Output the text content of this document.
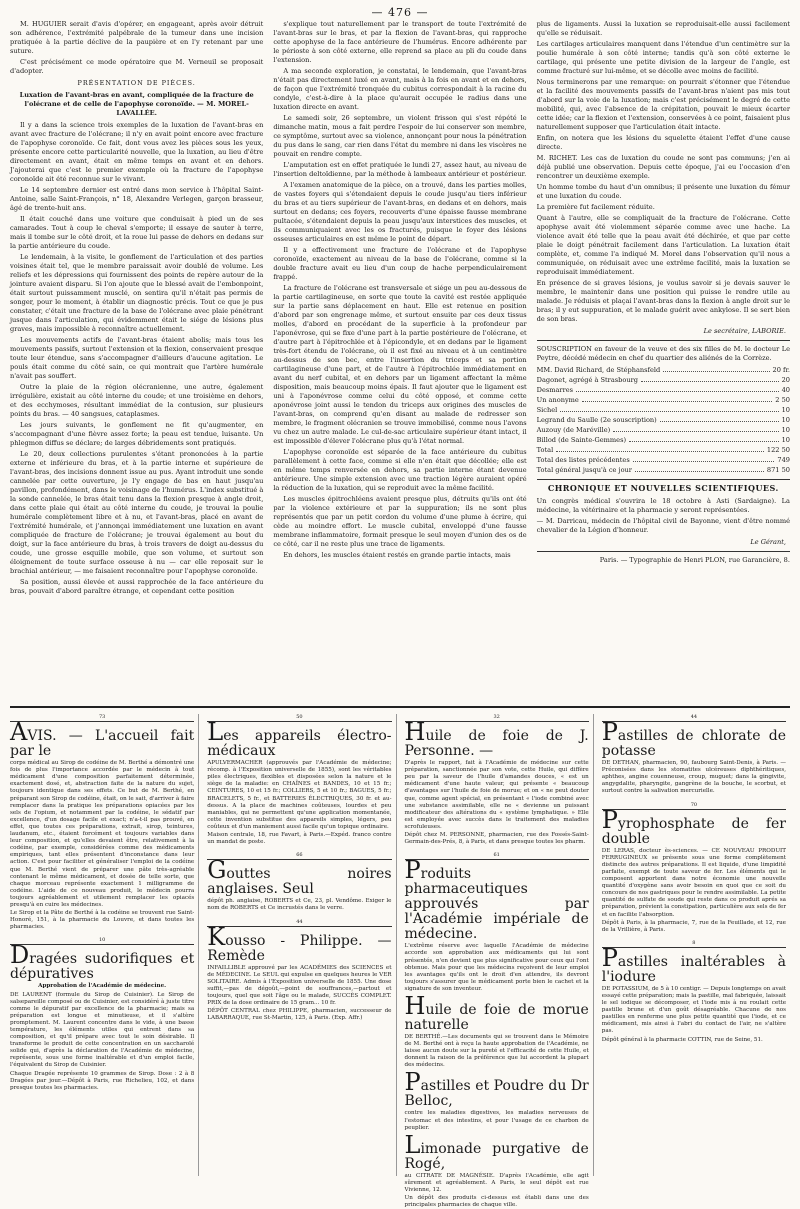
— 476 —

M. HUGUIER serait d'avis d'opérer, en engageant, après avoir détruit son adhérence, l'extrémité palpébrale de la tumeur dans une incision pratiquée à la partie déclive de la paupière et en l'y retenant par une suture.

C'est précisément ce mode opératoire que M. Verneuil se proposait d'adopter.

PRÉSENTATION DE PIÈCES.
Luxation de l'avant-bras en avant, compliquée de la fracture de l'olécrane et de celle de l'apophyse coronoïde. — M. MOREL-LAVALLÉE.

Il y a dans la science trois exemples de la luxation de l'avant-bras en avant avec fracture de l'olécrane; il n'y en avait point encore avec fracture de l'apophyse coronoïde. Ce fait, dont vous avez les pièces sous les yeux, présente encore cette particularité nouvelle, que la luxation, au lieu d'être directement en avant, était en même temps en avant et en dehors. J'ajouterai que c'est le premier exemple où la fracture de l'apophyse coronoïde ait été reconnue sur le vivant.

Le 14 septembre dernier est entré dans mon service à l'hôpital Saint-Antoine, salle Saint-François, n° 18, Alexandre Verlegen, garçon brasseur, âgé de trente-huit ans.

Il était couché dans une voiture que conduisait à pied un de ses camarades. Tout à coup le cheval s'emporte; il essaye de sauter à terre, mais il tombe sur le côté droit, et la roue lui passe de dehors en dedans sur la partie antérieure du coude.

Le lendemain, à la visite, le gonflement de l'articulation et des parties voisines était tel, que le membre paraissait avoir doublé de volume. Les reliefs et les dépressions qui fournissent des points de repère autour de la jointure avaient disparu. Si l'on ajoute que le blessé avait de l'embonpoint, était surtout puissamment musclé, on sentira qu'il n'était pas permis de songer, pour le moment, à établir un diagnostic précis. Tout ce que je pus constater, c'était une fracture de la base de l'olécrane avec plaie pénétrant jusque dans l'articulation, qui évidemment était le siége de lésions plus graves, mais impossible à reconnaître actuellement.

Les mouvements actifs de l'avant-bras étaient abolis; mais tous les mouvements passifs, surtout l'extension et la flexion, conservaient presque toute leur étendue, sans s'accompagner d'ailleurs d'aucune agitation. Le pouls était comme du côté sain, ce qui montrait que l'artère humérale n'avait pas souffert.

Outre la plaie de la région olécranienne, une autre, également irrégulière, existait au côté interne du coude; et une troisième en dehors, et des ecchymoses, résultant immédiat de la contusion, sur plusieurs points du bras. — 40 sangsues, cataplasmes.

Les jours suivants, le gonflement ne fit qu'augmenter, en s'accompagnant d'une fièvre assez forte; la peau est tendue, luisante. Un phlegmon diffus se déclare; de larges débridements sont pratiqués.

Le 20, deux collections purulentes s'étant prononcées à la partie externe et inférieure du bras, et à la partie interne et supérieure de l'avant-bras, des incisions donnent issue au pus. Ayant introduit une sonde cannelée par cette ouverture, je l'y engage de bas en haut jusqu'au pavillon, profondément, dans le voisinage de l'humérus. L'index substitué à la sonde cannelée, le bras était tenu dans la flexion presque à angle droit, dans cette plaie qui était au côté interne du coude, je trouvai la poulie humérale complètement libre et à nu, et l'avant-bras, placé en avant de l'extrémité humérale, et j'annonçai immédiatement une luxation en avant compliquée de fracture de l'olécrane; je trouvai également au bout du doigt, sur la face antérieure du bras, à trois travers de doigt au-dessus du coude, une grosse esquille mobile, que son volume, et surtout son éloignement de toute surface osseuse à nu — car elle reposait sur le brachial antérieur, — me faisaient reconnaître pour l'apophyse coronoïde.

Sa position, aussi élevée et aussi rapprochée de la face antérieure du bras, pouvait d'abord paraître étrange, et cependant cette position

s'explique tout naturellement par le transport de toute l'extrémité de l'avant-bras sur le bras, et par la flexion de l'avant-bras, qui rapproche cette apophyse de la face antérieure de l'humérus. Encore adhérente par le périoste à son côté externe, elle reprend sa place au pli du coude dans l'extension.

A ma seconde exploration, je constatai, le lendemain, que l'avant-bras n'était pas directement luxé en avant, mais à la fois en avant et en dehors, de façon que l'extrémité tronquée du cubitus correspondait à la racine du condyle, c'est-à-dire à la place qu'aurait occupée le radius dans une luxation directe en avant.

Le samedi soir, 26 septembre, un violent frisson qui s'est répété le dimanche matin, mous a fait perdre l'espoir de lui conserver son membre, ce symptôme, surtout avec sa violence, annonçant pour nous la pénétration du pus dans le sang, car rien dans l'état du membre ni dans les viscères ne pouvait en rendre compte.

L'amputation est en effet pratiquée le lundi 27, assez haut, au niveau de l'insertion deltoïdienne, par la méthode à lambeaux antérieur et postérieur.

A l'examen anatomique de la pièce, on a trouvé, dans les parties molles, de vastes foyers qui s'étendaient depuis le coude jusqu'au tiers inférieur du bras et au tiers supérieur de l'avant-bras, en dedans et en dehors, mais surtout en dedans; ces foyers, recouverts d'une épaisse fausse membrane pultacée, s'étendaient depuis la peau jusqu'aux interstices des muscles, et ils communiquaient avec les os fracturés, puisque le foyer des lésions osseuses articulaires en est même le point de départ.

Il y a effectivement une fracture de l'olécrane et de l'apophyse coronoïde, exactement au niveau de la base de l'olécrane, comme si la double fracture avait eu lieu d'un coup de hache perpendiculairement frappé.

La fracture de l'olécrane est transversale et siége un peu au-dessous de la partie cartilagineuse, en sorte que toute la cavité est restée appliquée sur la partie sans déplacement en haut. Elle est retenue en position d'abord par son engrenage même, et surtout ensuite par ces deux tissus molles, d'abord en procédant de la superficie à la profondeur par l'aponévrose, qui se fixe d'une part à la partie postérieure de l'olécrane, et d'autre part à l'épitrochlée et à l'épicondyle, et en dedans par le ligament très-fort étendu de l'olécrane, où il est fixé au niveau et à un centimètre au-dessus de son bec, entre l'insertion du triceps et sa portion cartilagineuse d'une part, et de l'autre à l'épitrochlée immédiatement en avant du nerf cubital, et en dehors par un ligament affectant la même disposition, mais beaucoup moins épais. Il faut ajouter que le ligament est uni à l'aponévrose comme celui du côté opposé, et comme cette aponévrose joint aussi le tendon du triceps aux origines des muscles de l'avant-bras, on comprend qu'en disant au malade de redresser son membre, le fragment olécranien se trouve immobilisé, comme nous l'avons vu chez un autre malade. Le cul-de-sac articulaire supérieur étant intact, il est impossible d'élever l'olécrane plus qu'à l'état normal.

L'apophyse coronoïde est séparée de la face antérieure du cubitus parallèlement à cette face, comme si elle n'en était que décollée; elle est en même temps renversée en dehors, sa partie interne étant devenue antérieure. Une simple extension avec une traction légère auraient opéré la réduction de la luxation, qui se reproduit avec la même facilité.

Les muscles épitrochléens avaient presque plus, détruits qu'ils ont été par la violence extérieure et par la suppuration; ils ne sont plus représentés que par un petit cordon du volume d'une plume à écrire, qui cède au moindre effort. Le muscle cubital, enveloppé d'une fausse membrane inflammatoire, formait presque le seul moyen d'union des os de ce côté, car il ne reste plus une trace de ligaments.

En dehors, les muscles étaient restés en grande partie intacts, mais

plus de ligaments. Aussi la luxation se reproduisait-elle aussi facilement qu'elle se réduisait.

Les cartilages articulaires manquent dans l'étendue d'un centimètre sur la poulie humérale à son côté interne; tandis qu'à son côté externe le cartilage, qui présente une petite division de la largeur de l'angle, est comme fracturé sur lui-même, et se décolle avec moins de facilité.

Nous terminerons par une remarque: on pourrait s'étonner que l'étendue et la facilité des mouvements passifs de l'avant-bras n'aient pas mis tout d'abord sur la voie de la luxation; mais c'est précisément le degré de cette mobilité, qui, avec l'absence de la crépitation, pouvait le mieux écarter cette idée; car la flexion et l'extension, conservées à ce point, faisaient plus naturellement supposer que l'articulation était intacte.

Enfin, on notera que les lésions du squelette étaient l'effet d'une cause directe.

M. RICHET. Les cas de luxation du coude ne sont pas communs; j'en ai déjà publié une observation. Depuis cette époque, j'ai eu l'occasion d'en rencontrer un deuxième exemple.

Un homme tombe du haut d'un omnibus; il présente une luxation du fémur et une luxation du coude.

La première fut facilement réduite.

Quant à l'autre, elle se compliquait de la fracture de l'olécrane. Cette apophyse avait été violemment séparée comme avec une hache. La violence avait été telle que la peau avait été déchirée, et que par cette plaie le doigt pénétrait facilement dans l'articulation. La luxation était complète, et, comme l'a indiqué M. Morel dans l'observation qu'il nous a communiquée, on réduisait avec une extrême facilité, mais la luxation se reproduisait immédiatement.

En présence de si graves lésions, je voulus savoir si je devais sauver le membre, le maintenir dans une position qui puisse le rendre utile au malade. Je réduisis et plaçai l'avant-bras dans la flexion à angle droit sur le bras; il y eut suppuration, et le malade guérit avec ankylose. Il se sert bien de son bras.

Le secrétaire, LABORIE.

SOUSCRIPTION en faveur de la veuve et des six filles de M. le docteur Le Peytre, décédé médecin en chef du quartier des aliénés de la Corrèze.

MM. David Richard, de Stéphansfeld	20 fr.
Dagonet, agrégé à Strasbourg	20
Desmarres	40
Un anonyme	2 50
Sichel	10
Legrand du Saulle (2e souscription)	10
Auzouy (de Maréville)	10
Billod (de Sainte-Gemmes)	10
Total	122 50
Total des listes précédentes	749
Total général jusqu'à ce jour	871 50
CHRONIQUE ET NOUVELLES SCIENTIFIQUES.

Un congrès médical s'ouvrira le 18 octobre à Asti (Sardaigne). La médecine, la vétérinaire et la pharmacie y seront représentées.

— M. Darricau, médecin de l'hôpital civil de Bayonne, vient d'être nommé chevalier de la Légion d'honneur.

Le Gérant,
Paris. — Typographie de Henri PLON, rue Garancière, 8.
73
AVIS. — L'accueil fait par le

corps médical au Sirop de codéine de M. Berthé a démontré une fois de plus l'importance accordée par le médecin à tout médicament d'une composition parfaitement déterminée, exactement dosé, et, abstraction faite de la nature du sujet, toujours identique dans ses effets. Ce but de M. Berthé, en préparant son Sirop de codéine, était, on le sait, d'arriver à faire remplacer dans la pratique les préparations opiacées par les sels de l'opium, et notamment par la codéine, le sédatif par excellence, d'un dosage facile et exact; n'a-t-il pas prouvé, en effet, que toutes ces préparations, extrait, sirop, teintures, laudanum, etc., étaient forcément et toujours variables dans leur composition, et qu'elles devaient être, relativement à la codéine, par exemple, considérées comme des médicaments empiriques, tant elles présentent d'inconstance dans leur action. C'est pour faciliter et généraliser l'emploi de la codéine que M. Berthé vient de préparer une pâte très-agréable contenant le même médicament, et dosée de telle sorte, que chaque morceau représente exactement 1 milligramme de codéine. L'aide de ce nouveau produit, le médecin pourra toujours agréablement et utilement remplacer les opiacés presqu'à en cuire les médecines.

Le Sirop et la Pâte de Berthé à la codéine se trouvent rue Saint-Honoré, 151, à la pharmacie du Louvre, et dans toutes les pharmacies.

10
Dragées sudorifiques et dépuratives

Approbation de l'Académie de médecine.

DE LAURENT (formule du Sirop de Cuisinier). Le Sirop de salsepareille composé ou de Cuisinier, est considéré à juste titre comme le dépuratif par excellence de la pharmacie; mais sa préparation est longue et minutieuse, et il s'altère promptement. M. Laurent concentre dans le vide, à une basse température, les éléments utiles qui entrent dans sa composition, et qu'il prépare avec tout le soin désirable. Il transforme le produit de cette concentration en un saccharolé solide qui, d'après la déclaration de l'Académie de médecine, représente, sous une forme inaltérable et d'un emploi facile, l'équivalent du Sirop de Cuisinier.

Chaque Dragée représente 10 grammes de Sirop. Dose : 2 à 8 Dragées par jour.—Dépôt à Paris, rue Richelieu, 102, et dans presque toutes les pharmacies.

50
Les appareils électro-médicaux

APULVERMACHER (approuvés par l'Académie de médecine; récomp. à l'Exposition universelle de 1855), sont les véritables piles électriques, flexibles et disposées selon la nature et le siège de la maladie: en CHAÎNES et BANDES, 10 et 15 fr.; CEINTURES, 10 et 15 fr.; COLLIERS, 5 et 10 fr.; BAGUES, 5 fr.; BRACELETS, 5 fr., et BATTERIES ÉLECTRIQUES, 30 fr. et au-dessus. A la place de machines coûteuses, lourdes et peu maniables, qui ne permettent qu'une application momentanée, cette invention substitue des appareils simples, légers, peu coûteux et d'un maniement aussi facile qu'un topique ordinaire.

Maison centrale, 18, rue Favart, à Paris.—Expéd. franco contre un mandat de poste.

66
Gouttes noires anglaises. Seul

dépôt ph. anglaise, ROBERTS et Ce, 23, pl. Vendôme. Exiger le nom de ROBERTS et Ce incrustés dans le verre.

44
Kousso - Philippe. — Remède

INFAILLIBLE approuvé par les ACADÉMIES des SCIENCES et de MÉDECINE. Le SEUL qui expulse en quelques heures le VER SOLITAIRE. Admis à l'Exposition universelle de 1855. Une dose suffit,—pas de dégoût,—point de souffrances,—partout et toujours, quel que soit l'âge ou le malade, SUCCÈS COMPLET. PRIX de la dose ordinaire de 15 gram... 10 fr.

DÉPÔT CENTRAL chez PHILIPPE, pharmacien, successeur de LABARRAQUE, rue St-Martin, 125, à Paris. (Exp. Affr.)

32
Huile de foie de J. Personne. —

D'après le rapport, fait à l'Académie de médecine sur cette préparation, sanctionnée par son vote, cette Huile, qui diffère peu par la saveur de l'huile d'amandes douces, « est un médicament d'une haute valeur, qui présente « beaucoup d'avantages sur l'huile de foie de morue; et on « ne peut douter que, comme agent spécial, en présentant « l'iode combiné avec une substance assimilable, elle ne « devienne un puissant modificateur des altérations du « système lymphatique. » Elle est employée avec succès dans le traitement des maladies scrofuleuses.

Dépôt chez M. PERSONNE, pharmacien, rue des Fossés-Saint-Germain-des-Prés, 8, à Paris, et dans presque toutes les pharm.

61
Produits pharmaceutiques approuvés par l'Académie impériale de médecine.

L'extrême réserve avec laquelle l'Académie de médecine accorde son approbation aux médicaments qui lui sont présentés, n'en devient que plus significative pour ceux qui l'ont obtenue. Mais pour que les médecins reçoivent de leur emploi les avantages qu'ils ont le droit d'en attendre, ils devront toujours s'assurer que le médicament porte bien le cachet et la signature de son inventeur.

Huile de foie de morue naturelle

DE BERTHÉ.—Les documents qui se trouvent dans le Mémoire de M. Berthé ont à reçu la haute approbation de l'Académie, ne laisse aucun doute sur la pureté et l'efficacité de cette Huile, et donnent la raison de la préférence que lui accordent la plupart des médecins.

Pastilles et Poudre du Dr Belloc,

contre les maladies digestives, les maladies nerveuses de l'estomac et des intestins, et pour l'usage de ce charbon de peuplier.

Limonade purgative de Rogé,

au CITRATE DE MAGNÉSIE. D'après l'Académie, elle agit sûrement et agréablement. A Paris, le seul dépôt est rue Vivienne, 12.

Un dépôt des produits ci-dessus est établi dans une des principales pharmacies de chaque ville.

44
Pastilles de chlorate de potasse

DE DETHAN, pharmacien, 90, faubourg Saint-Denis, à Paris. — Préconisées dans les stomatites ulcéreuses diphthéritiques, aphthes, angine couenneuse, croup, muguet; dans la gingivite, angygdalite, pharyngite, gangrène de la bouche, le scorbut, et surtout contre la salivation mercurielle.

70
Pyrophosphate de fer double

DE LERAS, docteur ès-sciences. — CE NOUVEAU PRODUIT FERRUGINEUX se présente sous une forme complètement distincte des autres préparations. Il est liquide, d'une limpidité parfaite, exempt de toute saveur de fer. Les éléments qui le composent apportent dans notre économie une nouvelle quantité d'oxygène sans avoir besoin en quoi que ce soit du concours de nos gastriques pour le rendre assimilable. La petite quantité de sulfate de soude qui reste dans ce produit aprés sa préparation, prévient la constipation, particulière aux sels de fer et en facilite l'absorption.

Dépôt à Paris, à la pharmacie, 7, rue de la Feuillade, et 12, rue de la Vrillière, à Paris.

8
Pastilles inaltérables à l'iodure

DE POTASSIUM, de 5 à 10 centigr. — Depuis longtemps on avait essayé cette préparation; mais la pastille, mal fabriquée, laissait le sel iodique se décomposer, et l'iode mis à nu roulait cette pastille brune et d'un goût désagréable. Chacune de nos pastilles en renferme une plus petite quantité que l'iode, et ce médicament, mis ainsi à l'abri du contact de l'air, ne s'altère pas.

Dépôt général à la pharmacie COTTIN, rue de Seine, 51.
